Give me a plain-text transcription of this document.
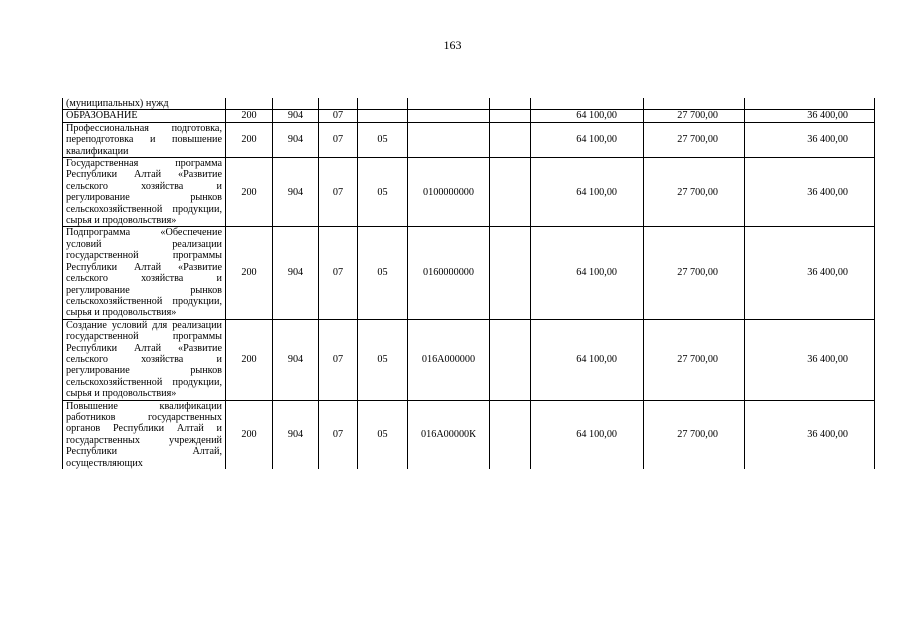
163
(муниципальных) нужд									
ОБРАЗОВАНИЕ	200	904	07				64 100,00	27 700,00	36 400,00
Профессиональная подготовка, переподготовка и повышение квалификации	200	904	07	05			64 100,00	27 700,00	36 400,00
Государственная программа Республики Алтай «Развитие сельского хозяйства и регулирование рынков сельскохозяйственной продукции, сырья и продовольствия»	200	904	07	05	0100000000		64 100,00	27 700,00	36 400,00
Подпрограмма «Обеспечение условий реализации государственной программы Республики Алтай «Развитие сельского хозяйства и регулирование рынков сельскохозяйственной продукции, сырья и продовольствия»	200	904	07	05	0160000000		64 100,00	27 700,00	36 400,00
Создание условий для реализации государственной программы Республики Алтай «Развитие сельского хозяйства и регулирование рынков сельскохозяйственной продукции, сырья и продовольствия»	200	904	07	05	016А000000		64 100,00	27 700,00	36 400,00
Повышение квалификации работников государственных органов Республики Алтай и государственных учреждений Республики Алтай, осуществляющих	200	904	07	05	016А00000К		64 100,00	27 700,00	36 400,00
